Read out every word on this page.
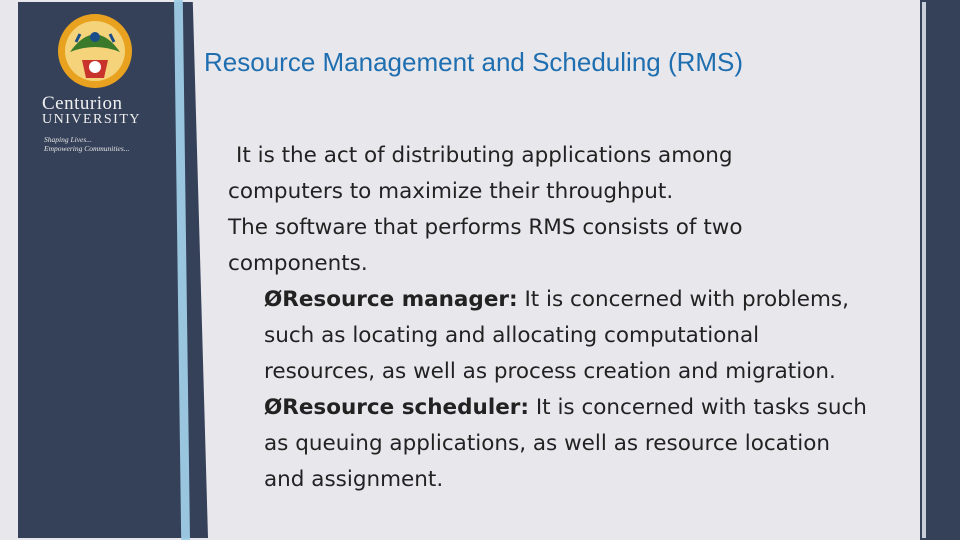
Centurion
UNIVERSITY
Shaping Lives...
Empowering Communities...
Resource Management and Scheduling (RMS)
It is the act of distributing applications among
computers to maximize their throughput.
The software that performs RMS consists of two
components.
ØResource manager: It is concerned with problems,
such as locating and allocating computational
resources, as well as process creation and migration.
ØResource scheduler: It is concerned with tasks such
as queuing applications, as well as resource location
and assignment.
